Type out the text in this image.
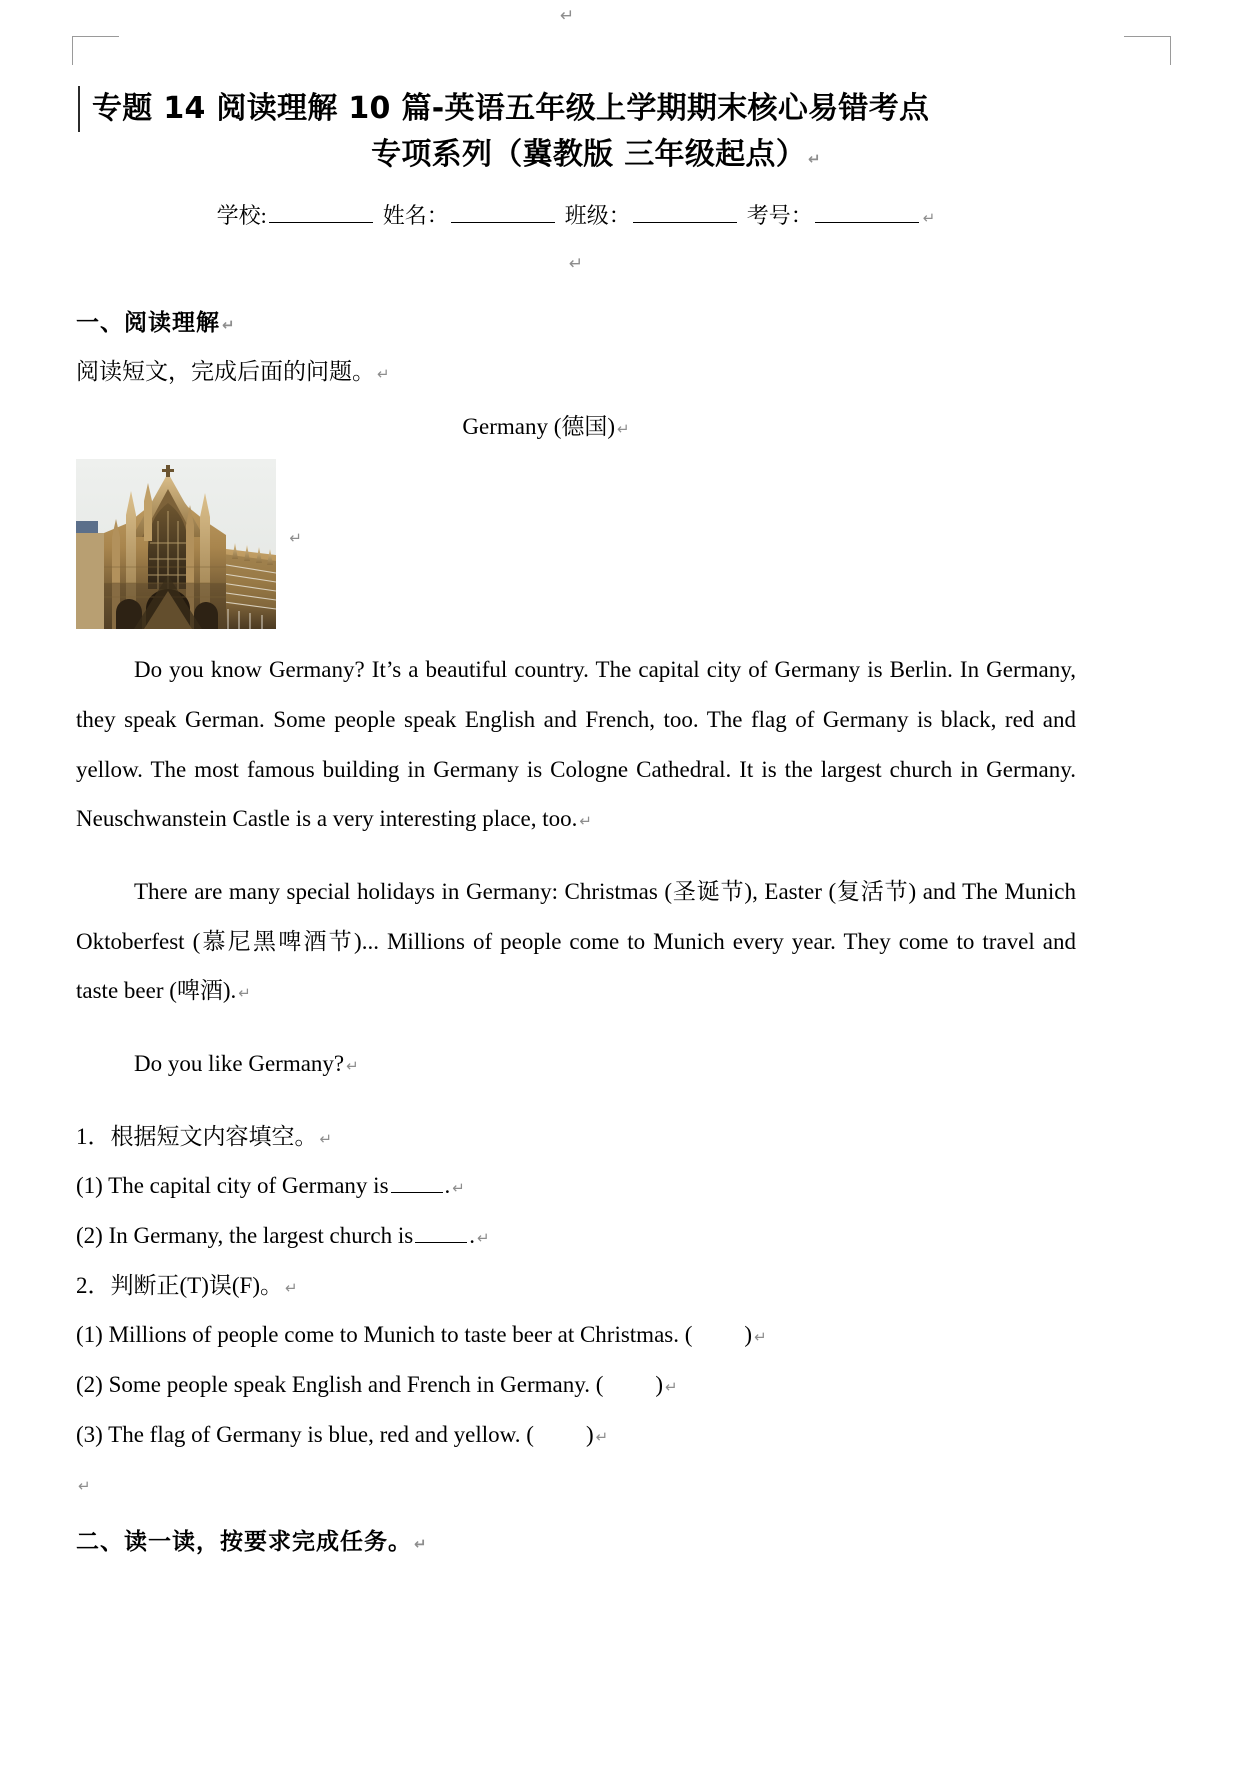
↵
专题 14 阅读理解 10 篇-英语五年级上学期期末核心易错考点
专项系列（冀教版 三年级起点） ↵
学校:	姓名：	班级：	考号：	↵
↵
一、阅读理解 ↵
阅读短文，完成后面的问题。 ↵
Germany (德国) ↵
↵

Do you know Germany? It’s a beautiful country. The capital city of Germany is Berlin. In Germany, they speak German. Some people speak English and French, too. The flag of Germany is black, red and yellow. The most famous building in Germany is Cologne Cathedral. It is the largest church in Germany. Neuschwanstein Castle is a very interesting place, too. ↵

There are many special holidays in Germany: Christmas (圣诞节), Easter (复活节) and The Munich Oktoberfest (慕尼黑啤酒节)... Millions of people come to Munich every year. They come to travel and taste beer (啤酒). ↵

Do you like Germany? ↵

1．根据短文内容填空。 ↵

(1) The capital city of Germany is . ↵

(2) In Germany, the largest church is . ↵

2．判断正(T)误(F)。 ↵

(1) Millions of people come to Munich to taste beer at Christmas. ( ) ↵

(2) Some people speak English and French in Germany. ( ) ↵

(3) The flag of Germany is blue, red and yellow. ( ) ↵

↵

二、读一读，按要求完成任务。 ↵
